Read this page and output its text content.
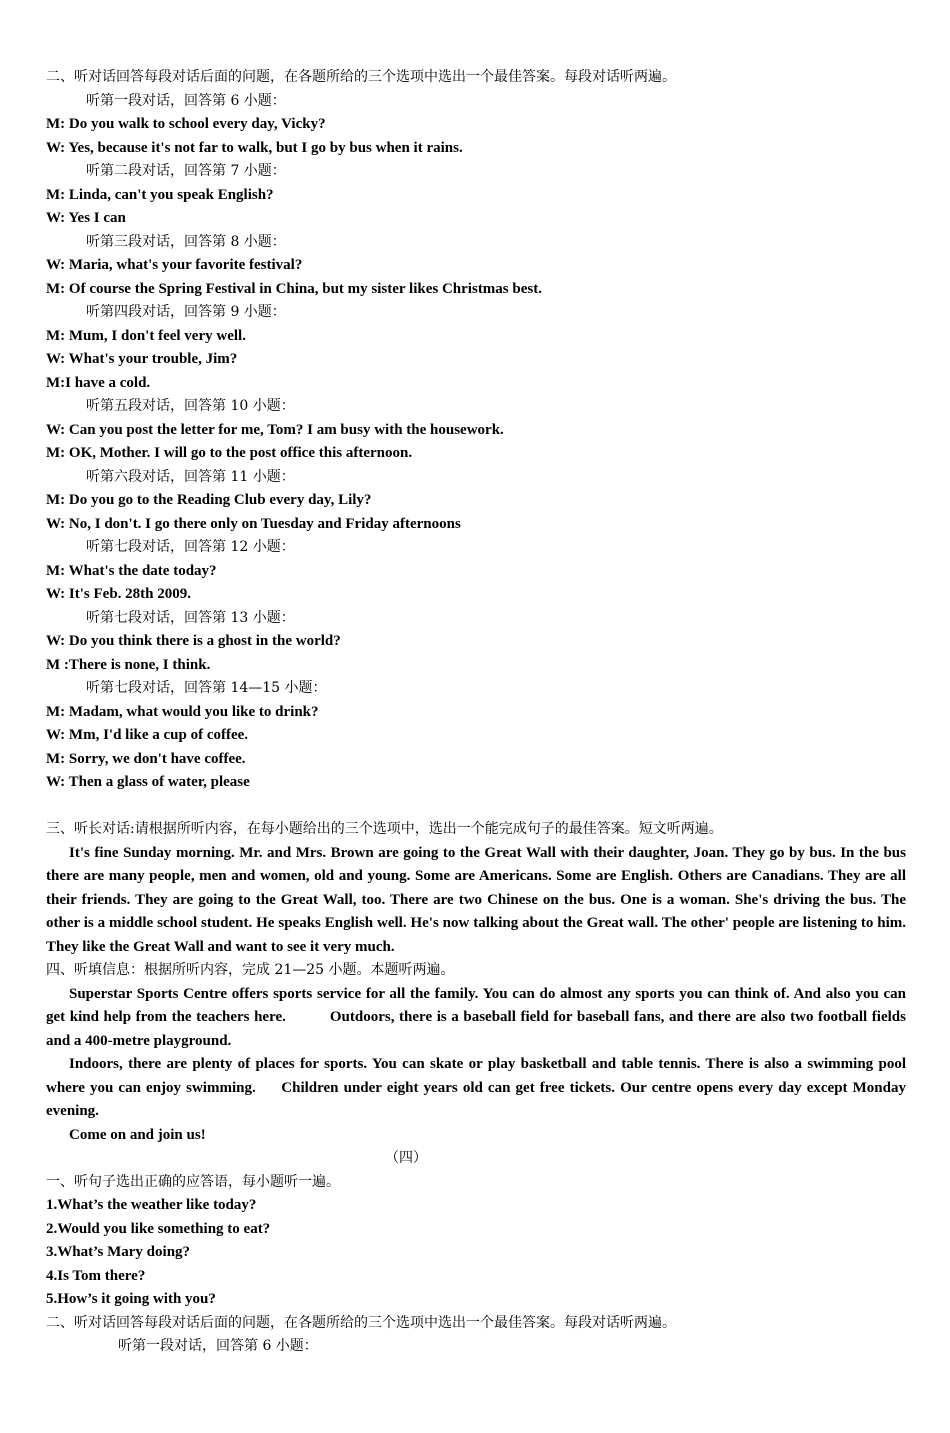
二、听对话回答每段对话后面的问题，在各题所给的三个选项中选出一个最佳答案。每段对话听两遍。
听第一段对话，回答第 6 小题：
M: Do you walk to school every day, Vicky?
W: Yes, because it's not far to walk, but I go by bus when it rains.
听第二段对话，回答第 7 小题：
M: Linda, can't you speak English?
W: Yes I can
听第三段对话，回答第 8 小题：
W: Maria, what's your favorite festival?
M: Of course the Spring Festival in China, but my sister likes Christmas best.
听第四段对话，回答第 9 小题：
M: Mum, I don't feel very well.
W: What's your trouble, Jim?
M:I have a cold.
听第五段对话，回答第 10 小题：
W: Can you post the letter for me, Tom? I am busy with the housework.
M: OK, Mother. I will go to the post office this afternoon.
听第六段对话，回答第 11 小题：
M: Do you go to the Reading Club every day, Lily?
W: No, I don't. I go there only on Tuesday and Friday afternoons
听第七段对话，回答第 12 小题：
M: What's the date today?
W: It's Feb. 28th 2009.
听第七段对话，回答第 13 小题：
W: Do you think there is a ghost in the world?
M :There is none, I think.
听第七段对话，回答第 14—15 小题：
M: Madam, what would you like to drink?
W: Mm, I'd like a cup of coffee.
M: Sorry, we don't have coffee.
W: Then a glass of water, please
三、听长对话:请根据所听内容，在每小题给出的三个选项中，选出一个能完成句子的最佳答案。短文听两遍。

It's fine Sunday morning. Mr. and Mrs. Brown are going to the Great Wall with their daughter, Joan. They go by bus. In the bus there are many people, men and women, old and young. Some are Americans. Some are English. Others are Canadians. They are all their friends. They are going to the Great Wall, too. There are two Chinese on the bus. One is a woman. She's driving the bus. The other is a middle school student. He speaks English well. He's now talking about the Great wall. The other' people are listening to him. They like the Great Wall and want to see it very much.

四、听填信息：根据所听内容，完成 21—25 小题。本题听两遍。

Superstar Sports Centre offers sports service for all the family. You can do almost any sports you can think of. And also you can get kind help from the teachers here.	Outdoors, there is a baseball field for baseball fans, and there are also two football fields and a 400-metre playground.

Indoors, there are plenty of places for sports. You can skate or play basketball and table tennis. There is also a swimming pool where you can enjoy swimming. Children under eight years old can get free tickets. Our centre opens every day except Monday evening.

Come on and join us!

（四）
一、听句子选出正确的应答语，每小题听一遍。
1.What’s the weather like today?
2.Would you like something to eat?
3.What’s Mary doing?
4.Is Tom there?
5.How’s it going with you?
二、听对话回答每段对话后面的问题，在各题所给的三个选项中选出一个最佳答案。每段对话听两遍。
听第一段对话，回答第 6 小题：
